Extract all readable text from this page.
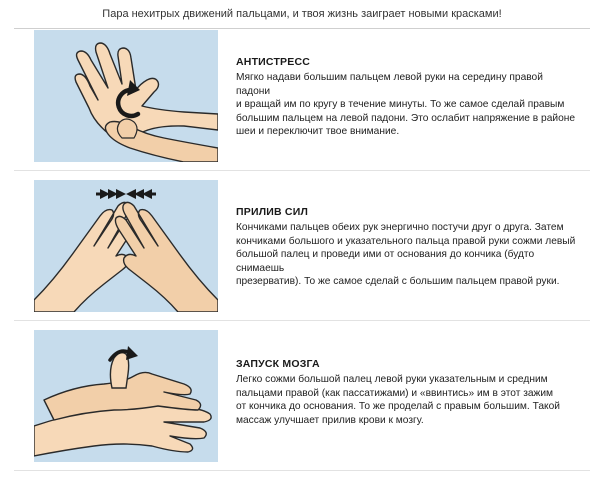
Пара нехитрых движений пальцами, и твоя жизнь заиграет новыми красками!
АНТИСТРЕСС
Мягко надави большим пальцем левой руки на середину правой падони
и вращай им по кругу в течение минуты. То же самое сделай правым
большим пальцем на левой падони. Это ослабит напряжение в районе
шеи и переключит твое внимание.
ПРИЛИВ СИЛ
Кончиками пальцев обеих рук энергично постучи друг о друга. Затем
кончиками большого и указательного пальца правой руки сожми левый
большой палец и проведи ими от основания до кончика (будто снимаешь
презерватив). То же самое сделай с большим пальцем правой руки.
ЗАПУСК МОЗГА
Легко сожми большой палец левой руки указательным и средним
пальцами правой (как пассатижами) и «ввинтись» им в этот зажим
от кончика до основания. То же проделай с правым большим. Такой
массаж улучшает прилив крови к мозгу.
